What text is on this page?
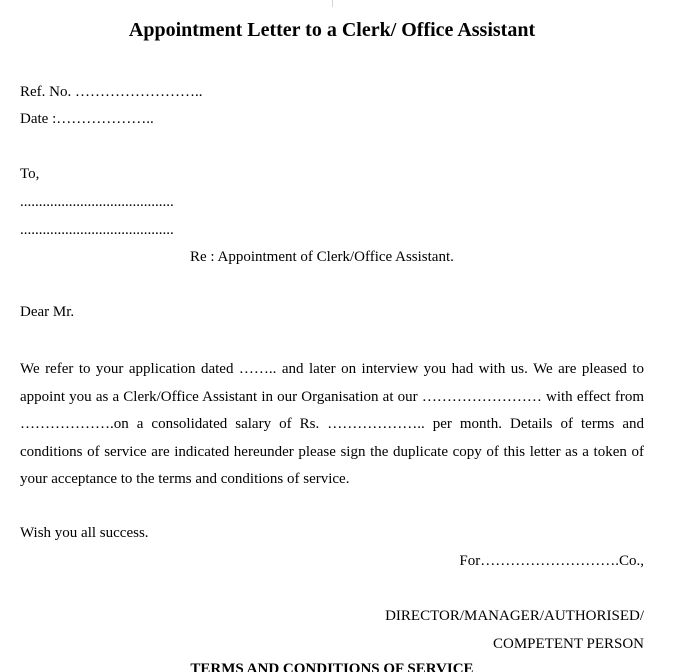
Appointment Letter to a Clerk/ Office Assistant
Ref. No. ……………………..
Date :………………..
To,
.........................................
.........................................
Re : Appointment of Clerk/Office Assistant.
Dear Mr.
We refer to your application dated …….. and later on interview you had with us. We are pleased to appoint you as a Clerk/Office Assistant in our Organisation at our …………………… with effect from ……………….on a consolidated salary of Rs. ……………….. per month. Details of terms and conditions of service are indicated hereunder please sign the duplicate copy of this letter as a token of your acceptance to the terms and conditions of service.
Wish you all success.
For……………………….Co.,
DIRECTOR/MANAGER/AUTHORISED/
COMPETENT PERSON
TERMS AND CONDITIONS OF SERVICE
